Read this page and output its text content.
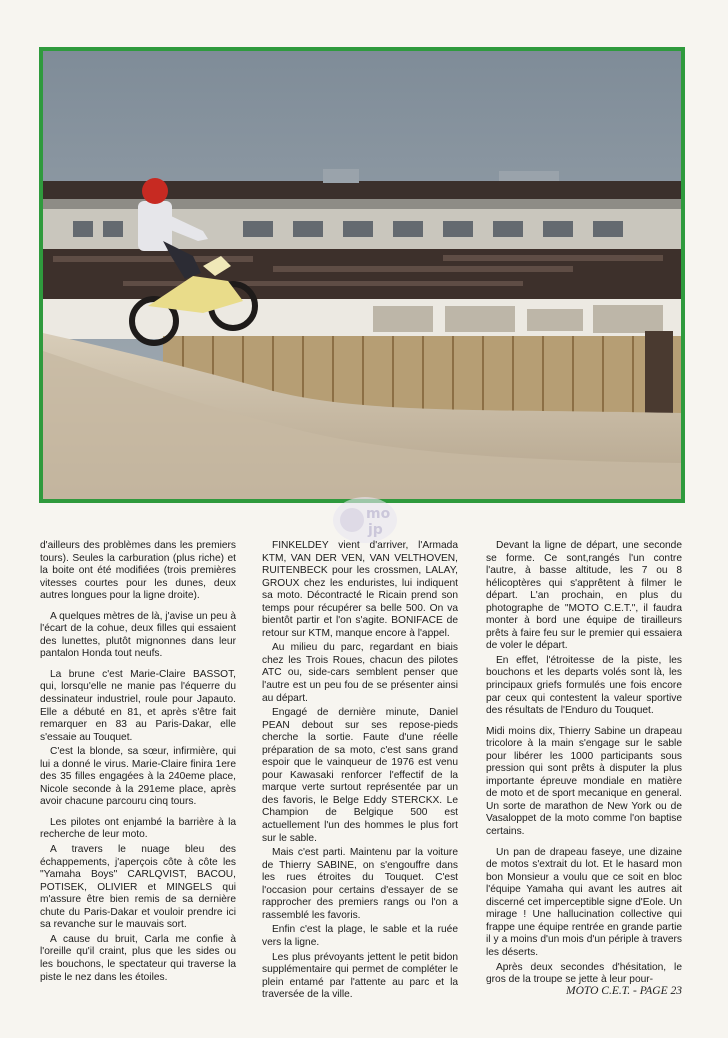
mo
jp

d'ailleurs des problèmes dans les premiers tours). Seules la carburation (plus riche) et la boite ont été modifiées (trois premières vitesses courtes pour les dunes, deux autres longues pour la ligne droite).

A quelques mètres de là, j'avise un peu à l'écart de la cohue, deux filles qui essaient des lunettes, plutôt mignonnes dans leur pantalon Honda tout neufs.

La brune c'est Marie-Claire BASSOT, qui, lorsqu'elle ne manie pas l'équerre du dessinateur industriel, roule pour Japauto. Elle a débuté en 81, et après s'être fait remarquer en 83 au Paris-Dakar, elle s'essaie au Touquet.

C'est la blonde, sa sœur, infirmière, qui lui a donné le virus. Marie-Claire finira 1ere des 35 filles engagées à la 240eme place, Nicole seconde à la 291eme place, après avoir chacune parcouru cinq tours.

Les pilotes ont enjambé la barrière à la recherche de leur moto.

A travers le nuage bleu des échappements, j'aperçois côte à côte les "Yamaha Boys" CARLQVIST, BACOU, POTISEK, OLIVIER et MINGELS qui m'assure être bien remis de sa dernière chute du Paris-Dakar et vouloir prendre ici sa revanche sur le mauvais sort.

A cause du bruit, Carla me confie à l'oreille qu'il craint, plus que les sides ou les bouchons, le spectateur qui traverse la piste le nez dans les étoiles.

FINKELDEY vient d'arriver, l'Armada KTM, VAN DER VEN, VAN VELTHOVEN, RUITENBECK pour les crossmen, LALAY, GROUX chez les enduristes, lui indiquent sa moto. Décontracté le Ricain prend son temps pour récupérer sa belle 500. On va bientôt partir et l'on s'agite. BONIFACE de retour sur KTM, manque encore à l'appel.

Au milieu du parc, regardant en biais chez les Trois Roues, chacun des pilotes ATC ou, side-cars semblent penser que l'autre est un peu fou de se présenter ainsi au départ.

Engagé de dernière minute, Daniel PEAN debout sur ses repose-pieds cherche la sortie. Faute d'une réelle préparation de sa moto, c'est sans grand espoir que le vainqueur de 1976 est venu pour Kawasaki renforcer l'effectif de la marque verte surtout représentée par un des favoris, le Belge Eddy STERCKX. Le Champion de Belgique 500 est actuellement l'un des hommes le plus fort sur le sable.

Mais c'est parti. Maintenu par la voiture de Thierry SABINE, on s'engouffre dans les rues étroites du Touquet. C'est l'occasion pour certains d'essayer de se rapprocher des premiers rangs ou l'on a rassemblé les favoris.

Enfin c'est la plage, le sable et la ruée vers la ligne.

Les plus prévoyants jettent le petit bidon supplémentaire qui permet de compléter le plein entamé par l'attente au parc et la traversée de la ville.

Devant la ligne de départ, une seconde se forme. Ce sont,rangés l'un contre l'autre, à basse altitude, les 7 ou 8 hélicoptères qui s'apprêtent à filmer le départ. L'an prochain, en plus du photographe de "MOTO C.E.T.", il faudra monter à bord une équipe de tirailleurs prêts à faire feu sur le premier qui essaiera de voler le départ.

En effet, l'étroitesse de la piste, les bouchons et les departs volés sont là, les principaux griefs formulés une fois encore par ceux qui contestent la valeur sportive des résultats de l'Enduro du Touquet.

Midi moins dix, Thierry Sabine un drapeau tricolore à la main s'engage sur le sable pour libérer les 1000 participants sous pression qui sont prêts à disputer la plus importante épreuve mondiale en matière de moto et de sport mecanique en general. Un sorte de marathon de New York ou de Vasaloppet de la moto comme l'on baptise certains.

Un pan de drapeau faseye, une dizaine de motos s'extrait du lot. Et le hasard mon bon Monsieur a voulu que ce soit en bloc l'équipe Yamaha qui avant les autres ait discerné cet imperceptible signe d'Eole. Un mirage ! Une hallucination collective qui frappe une équipe rentrée en grande partie il y a moins d'un mois d'un périple à travers les déserts.

Après deux secondes d'hésitation, le gros de la troupe se jette à leur pour-

MOTO C.E.T. - PAGE 23
